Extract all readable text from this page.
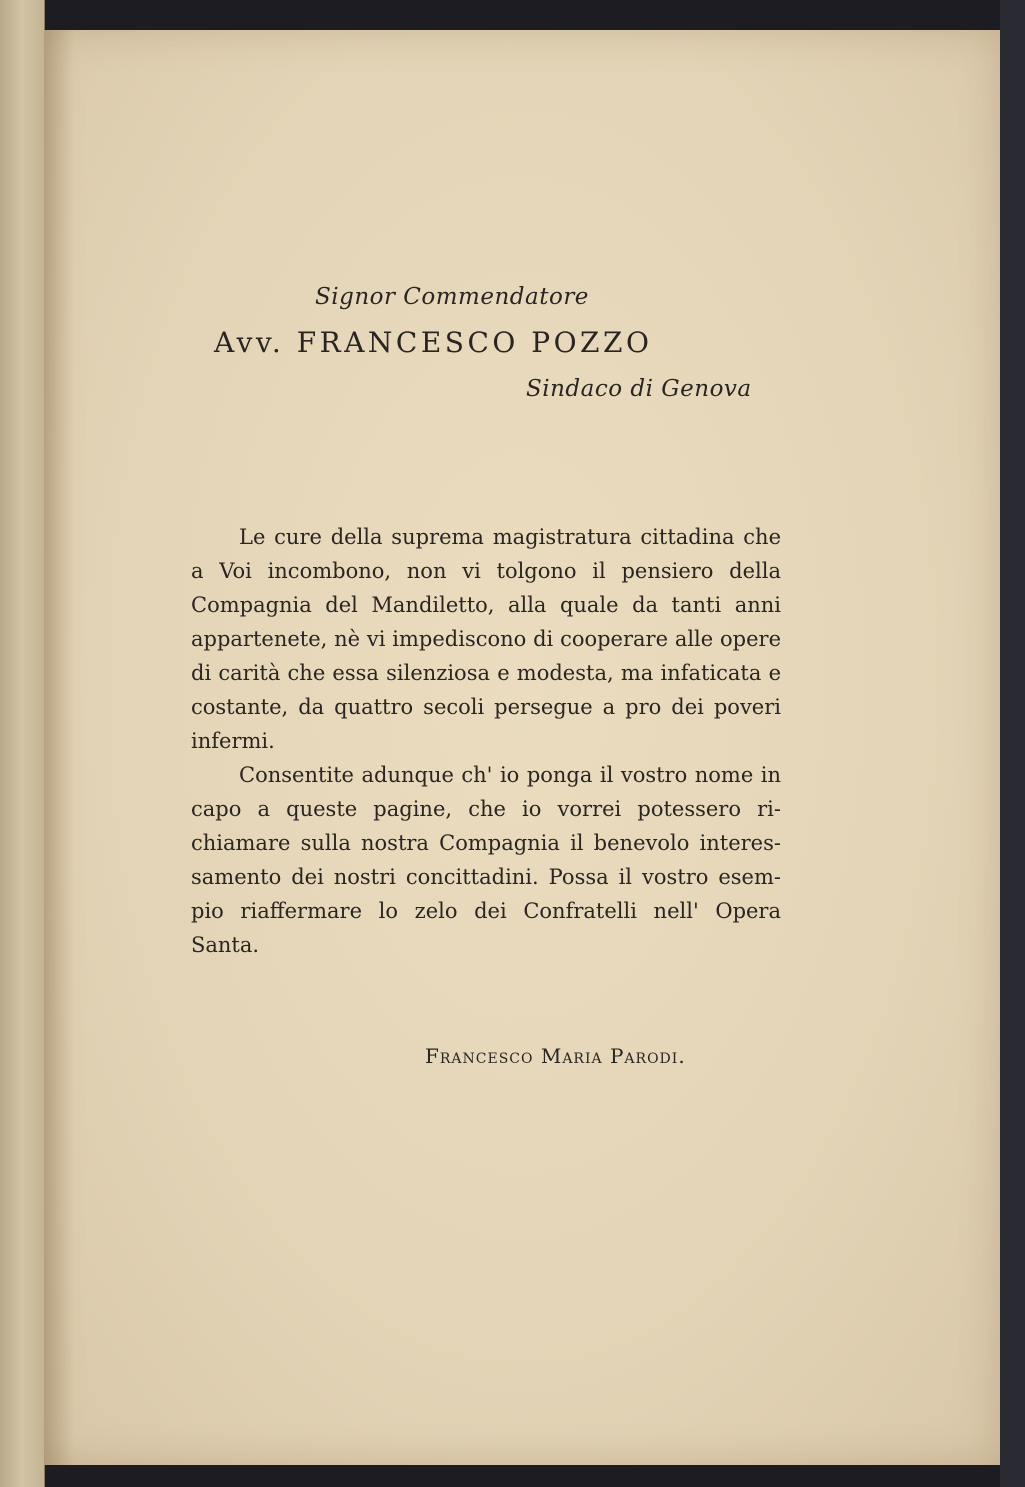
Signor Commendatore

Avv. FRANCESCO POZZO

Sindaco di Genova

Le cure della suprema magistratura cittadina che a Voi incombono, non vi tolgono il pensiero della Compagnia del Mandiletto, alla quale da tanti anni appartenete, nè vi impediscono di cooperare alle opere di carità che essa silenziosa e modesta, ma infaticata e costante, da quattro secoli persegue a pro dei poveri infermi.

Consentite adunque ch' io ponga il vostro nome in capo a queste pagine, che io vorrei potessero richiamare sulla nostra Compagnia il benevolo interessamento dei nostri concittadini. Possa il vostro esempio riaffermare lo zelo dei Confratelli nell' Opera Santa.

Francesco Maria Parodi.
